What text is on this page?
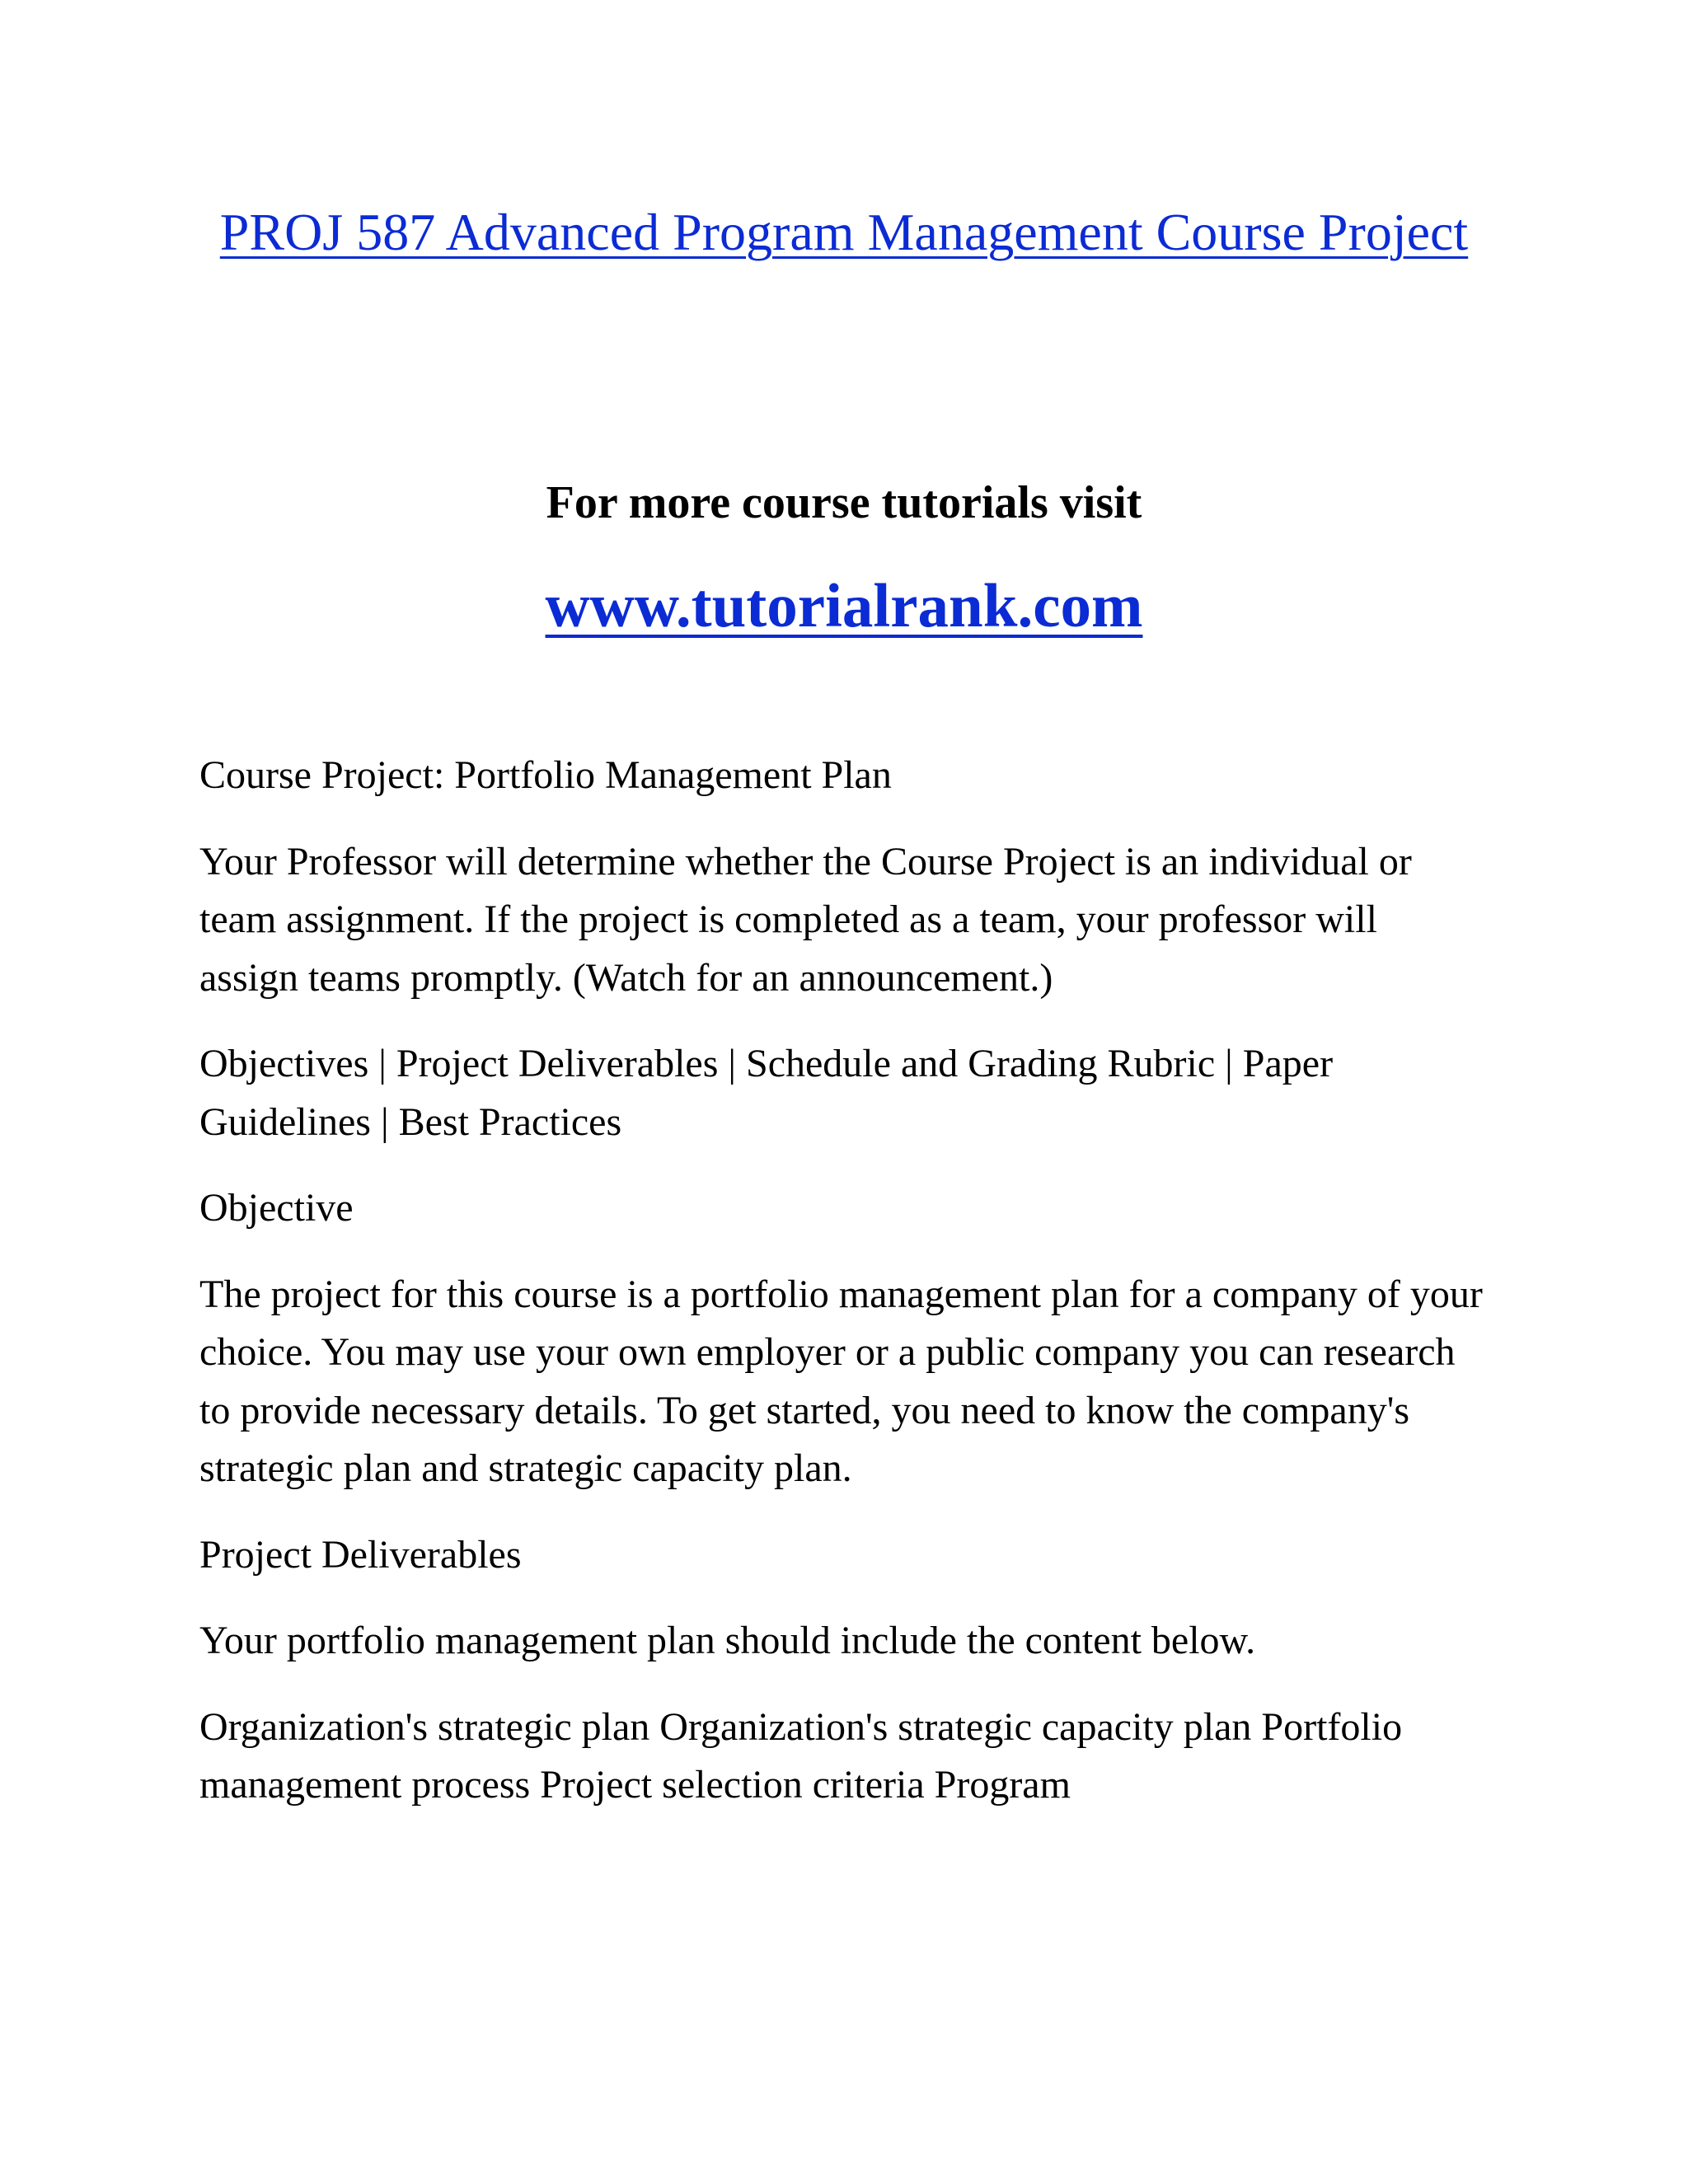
PROJ 587 Advanced Program Management Course Project

For more course tutorials visit

www.tutorialrank.com

Course Project: Portfolio Management Plan

Your Professor will determine whether the Course Project is an individual or team assignment. If the project is completed as a team, your professor will assign teams promptly. (Watch for an announcement.)

Objectives | Project Deliverables | Schedule and Grading Rubric | Paper Guidelines | Best Practices

Objective

The project for this course is a portfolio management plan for a company of your choice. You may use your own employer or a public company you can research to provide necessary details. To get started, you need to know the company's strategic plan and strategic capacity plan.

Project Deliverables

Your portfolio management plan should include the content below.

Organization's strategic plan Organization's strategic capacity plan Portfolio management process Project selection criteria Program
